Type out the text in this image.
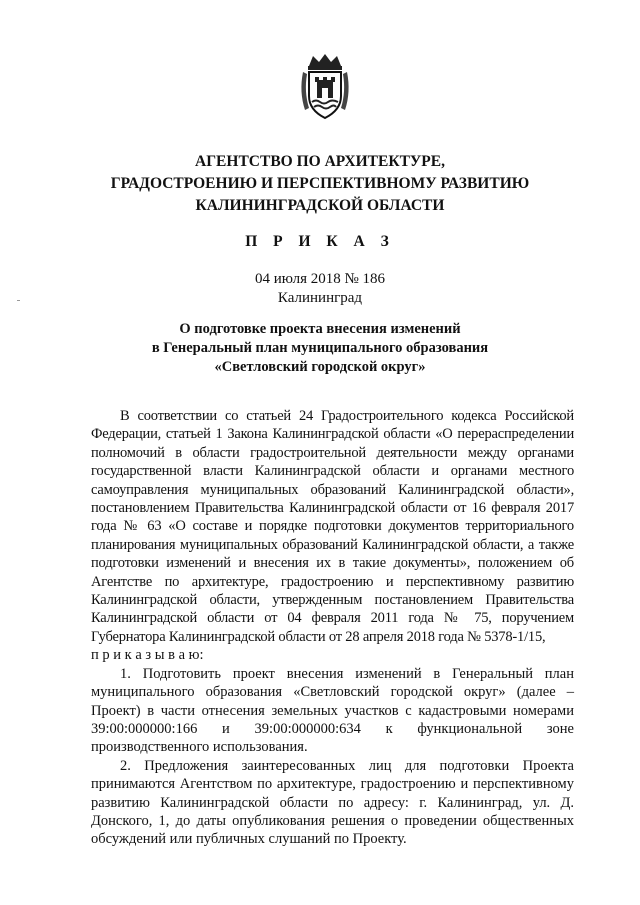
АГЕНТСТВО ПО АРХИТЕКТУРЕ,
ГРАДОСТРОЕНИЮ И ПЕРСПЕКТИВНОМУ РАЗВИТИЮ
КАЛИНИНГРАДСКОЙ ОБЛАСТИ
П Р И К А З
04 июля 2018 № 186
Калининград
О подготовке проекта внесения изменений
в Генеральный план муниципального образования
«Светловский городской округ»

В соответствии со статьей 24 Градостроительного кодекса Российской Федерации, статьей 1 Закона Калининградской области «О перераспределении полномочий в области градостроительной деятельности между органами государственной власти Калининградской области и органами местного самоуправления муниципальных образований Калининградской области», постановлением Правительства Калининградской области от 16 февраля 2017 года № 63 «О составе и порядке подготовки документов территориального планирования муниципальных образований Калининградской области, а также подготовки изменений и внесения их в такие документы», положением об Агентстве по архитектуре, градостроению и перспективному развитию Калининградской области, утвержденным постановлением Правительства Калининградской области от 04 февраля 2011 года № 75, поручением Губернатора Калининградской области от 28 апреля 2018 года № 5378-1/15,

п р и к а з ы в а ю:

1. Подготовить проект внесения изменений в Генеральный план муниципального образования «Светловский городской округ» (далее – Проект) в части отнесения земельных участков с кадастровыми номерами 39:00:000000:166 и 39:00:000000:634 к функциональной зоне производственного использования.

2. Предложения заинтересованных лиц для подготовки Проекта принимаются Агентством по архитектуре, градостроению и перспективному развитию Калининградской области по адресу: г. Калининград, ул. Д. Донского, 1, до даты опубликования решения о проведении общественных обсуждений или публичных слушаний по Проекту.
